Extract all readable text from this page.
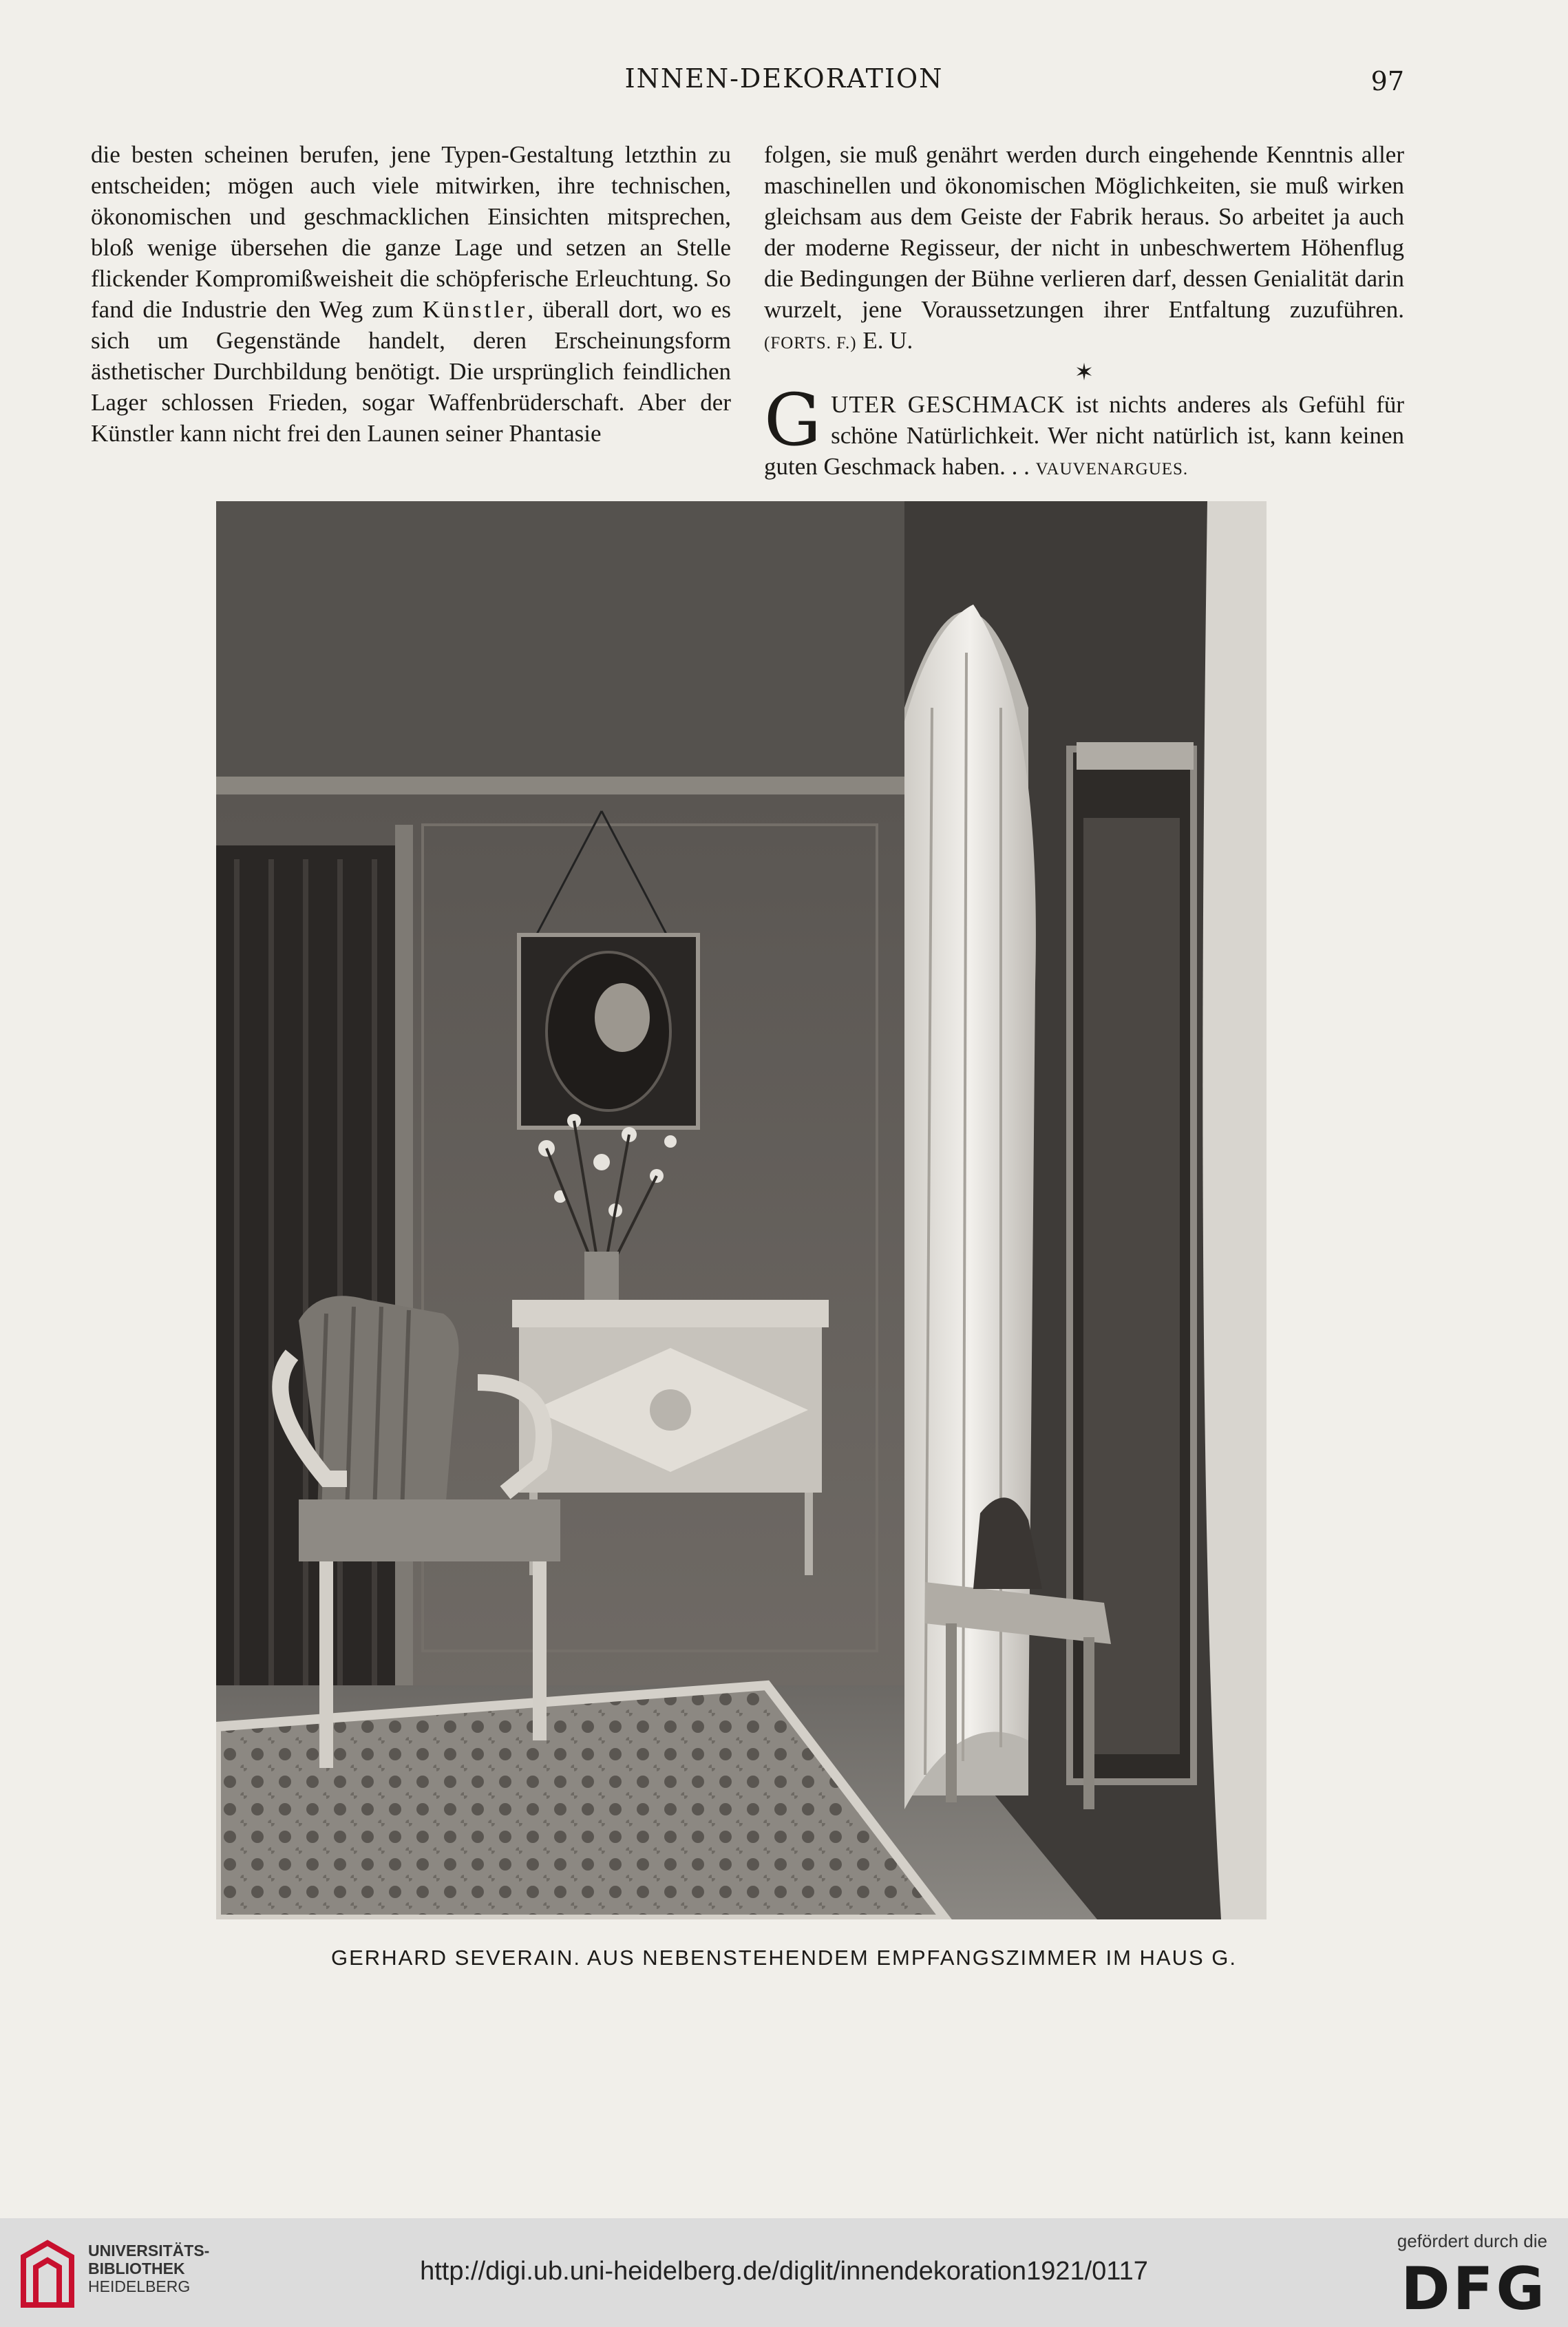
INNEN-DEKORATION	97

die besten scheinen berufen, jene Typen-Gestaltung letzthin zu entscheiden; mögen auch viele mitwirken, ihre technischen, ökonomischen und geschmacklichen Einsichten mitsprechen, bloß wenige übersehen die ganze Lage und setzen an Stelle flickender Kompromißweisheit die schöpferische Erleuchtung. So fand die Industrie den Weg zum Künstler, überall dort, wo es sich um Gegenstände handelt, deren Erscheinungsform ästhetischer Durchbildung benötigt. Die ursprünglich feindlichen Lager schlossen Frieden, sogar Waffenbrüderschaft. Aber der Künstler kann nicht frei den Launen seiner Phantasie

folgen, sie muß genährt werden durch eingehende Kenntnis aller maschinellen und ökonomischen Möglichkeiten, sie muß wirken gleichsam aus dem Geiste der Fabrik heraus. So arbeitet ja auch der moderne Regisseur, der nicht in unbeschwertem Höhenflug die Bedingungen der Bühne verlieren darf, dessen Genialität darin wurzelt, jene Voraussetzungen ihrer Entfaltung zuzuführen. (FORTS. F.) E. U.

✶

GUTER GESCHMACK ist nichts anderes als Gefühl für schöne Natürlichkeit. Wer nicht natürlich ist, kann keinen guten Geschmack haben. . . VAUVENARGUES.

GERHARD SEVERAIN. AUS NEBENSTEHENDEM EMPFANGSZIMMER IM HAUS G.
UNIVERSITÄTS-
BIBLIOTHEK
HEIDELBERG
http://digi.ub.uni-heidelberg.de/diglit/innendekoration1921/0117
gefördert durch die
DFG
